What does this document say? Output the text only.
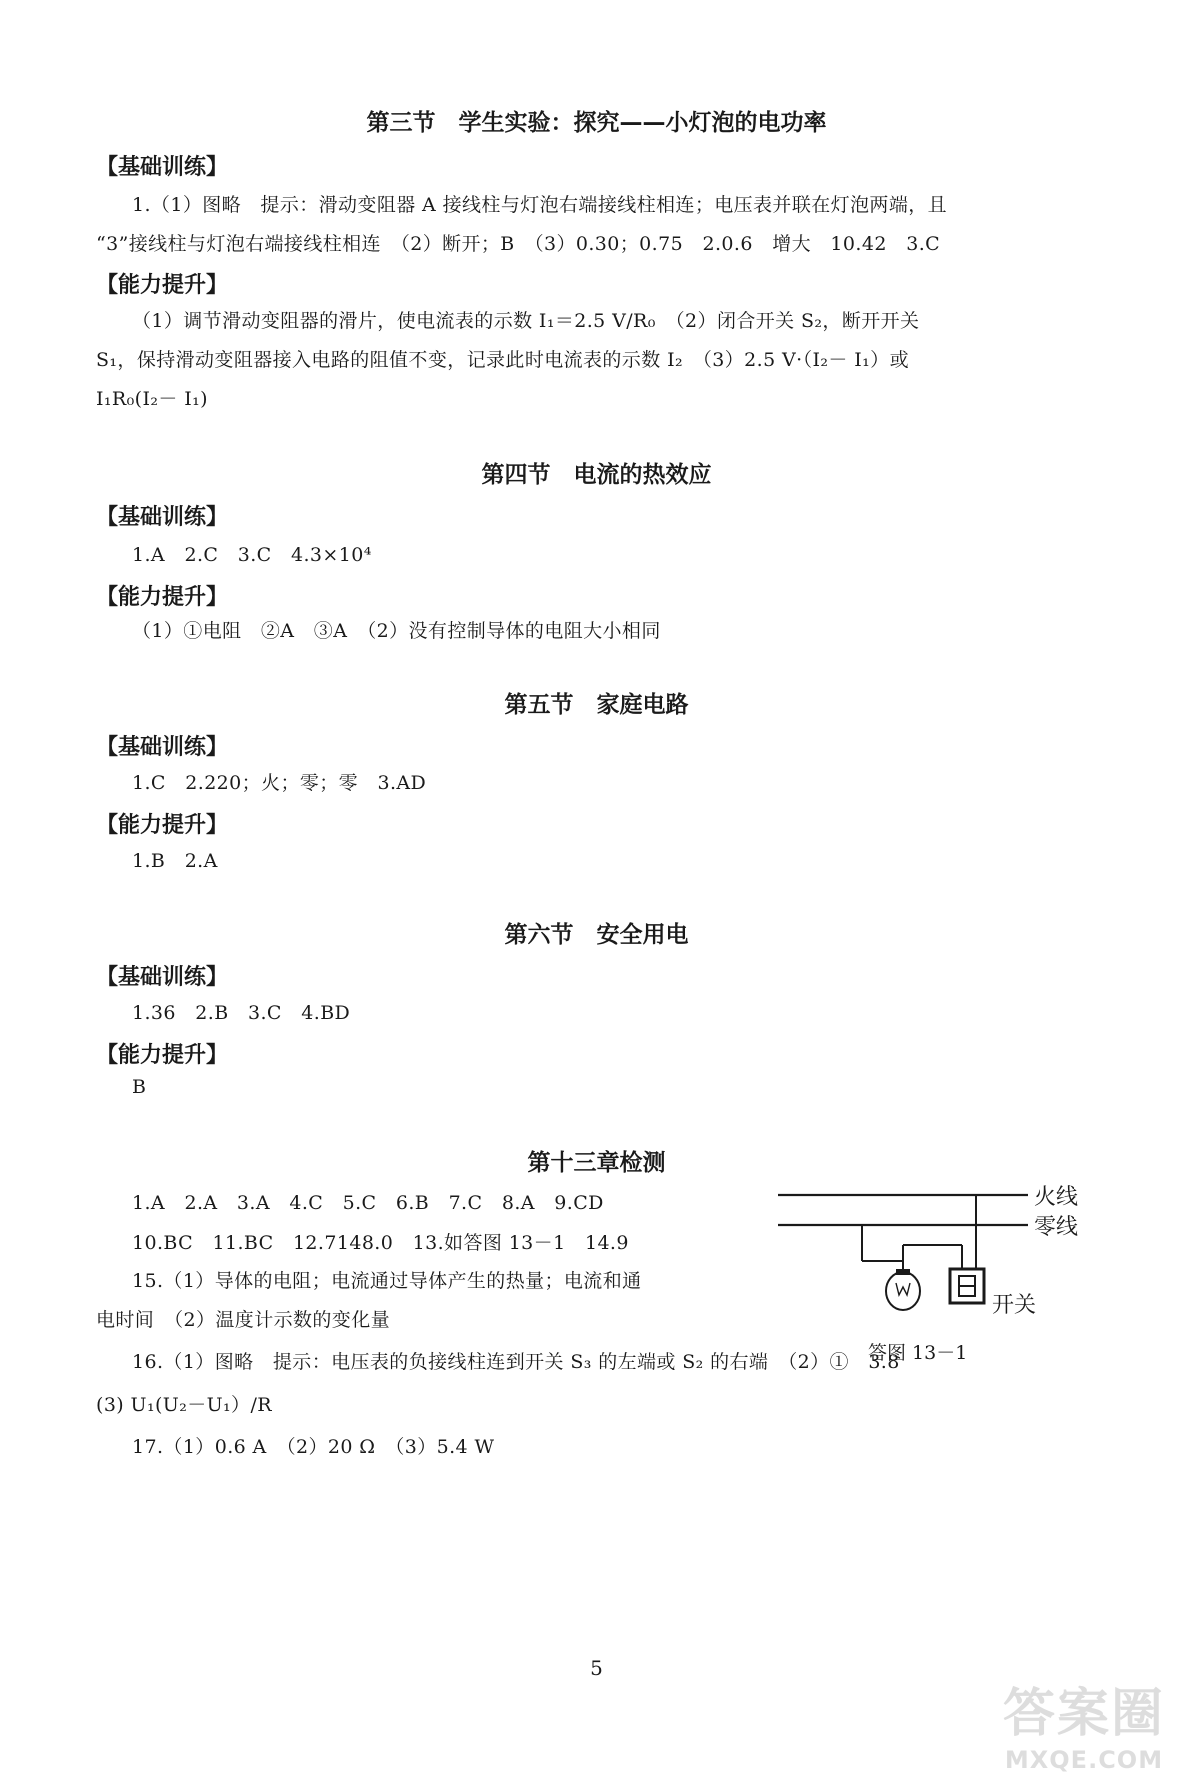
第三节　学生实验：探究——小灯泡的电功率
【基础训练】
1.（1）图略　提示：滑动变阻器 A 接线柱与灯泡右端接线柱相连；电压表并联在灯泡两端，且
“3”接线柱与灯泡右端接线柱相连　（2）断开；B　（3）0.30；0.75　2.0.6　增大　10.42　3.C
【能力提升】
（1）调节滑动变阻器的滑片，使电流表的示数 I₁＝2.5 V/R₀　（2）闭合开关 S₂，断开开关
S₁，保持滑动变阻器接入电路的阻值不变，记录此时电流表的示数 I₂　（3）2.5 V·（I₂－ I₁）或
I₁R₀(I₂－ I₁)
第四节　电流的热效应
【基础训练】
1.A　2.C　3.C　4.3×10⁴
【能力提升】
（1）①电阻　②A　③A　（2）没有控制导体的电阻大小相同
第五节　家庭电路
【基础训练】
1.C　2.220；火；零；零　3.AD
【能力提升】
1.B　2.A
第六节　安全用电
【基础训练】
1.36　2.B　3.C　4.BD
【能力提升】
B
第十三章检测
1.A　2.A　3.A　4.C　5.C　6.B　7.C　8.A　9.CD
10.BC　11.BC　12.7148.0　13.如答图 13－1　14.9
15.（1）导体的电阻；电流通过导体产生的热量；电流和通
电时间　（2）温度计示数的变化量
16.（1）图略　提示：电压表的负接线柱连到开关 S₃ 的左端或 S₂ 的右端　（2）①　3.8
(3) U₁(U₂－U₁）/R
17.（1）0.6 A　（2）20 Ω　（3）5.4 W
火线
零线
开关
答图 13－1
5
答案圈
MXQE.COM
